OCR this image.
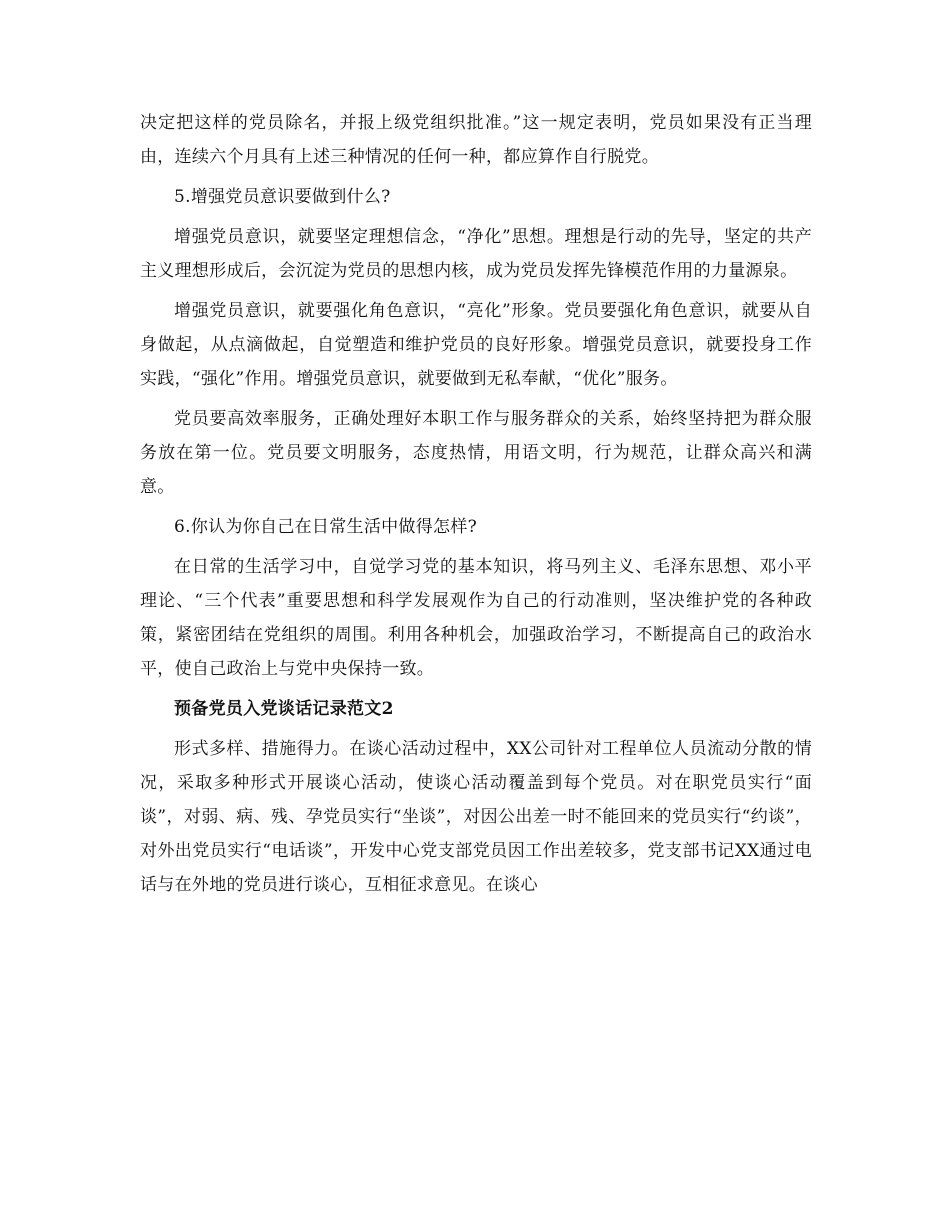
决定把这样的党员除名，并报上级党组织批准。”这一规定表明，党员如果没有正当理由，连续六个月具有上述三种情况的任何一种，都应算作自行脱党。

5.增强党员意识要做到什么?

增强党员意识，就要坚定理想信念，“净化”思想。理想是行动的先导，坚定的共产主义理想形成后，会沉淀为党员的思想内核，成为党员发挥先锋模范作用的力量源泉。

增强党员意识，就要强化角色意识，“亮化”形象。党员要强化角色意识，就要从自身做起，从点滴做起，自觉塑造和维护党员的良好形象。增强党员意识，就要投身工作实践，“强化”作用。增强党员意识，就要做到无私奉献，“优化”服务。

党员要高效率服务，正确处理好本职工作与服务群众的关系，始终坚持把为群众服务放在第一位。党员要文明服务，态度热情，用语文明，行为规范，让群众高兴和满意。

6.你认为你自己在日常生活中做得怎样?

在日常的生活学习中，自觉学习党的基本知识，将马列主义、毛泽东思想、邓小平理论、“三个代表”重要思想和科学发展观作为自己的行动准则，坚决维护党的各种政策，紧密团结在党组织的周围。利用各种机会，加强政治学习，不断提高自己的政治水平，使自己政治上与党中央保持一致。

预备党员入党谈话记录范文2

形式多样、措施得力。在谈心活动过程中，XX公司针对工程单位人员流动分散的情况，采取多种形式开展谈心活动，使谈心活动覆盖到每个党员。对在职党员实行“面谈”，对弱、病、残、孕党员实行“坐谈”，对因公出差一时不能回来的党员实行“约谈”，对外出党员实行“电话谈”，开发中心党支部党员因工作出差较多，党支部书记XX通过电话与在外地的党员进行谈心，互相征求意见。在谈心
